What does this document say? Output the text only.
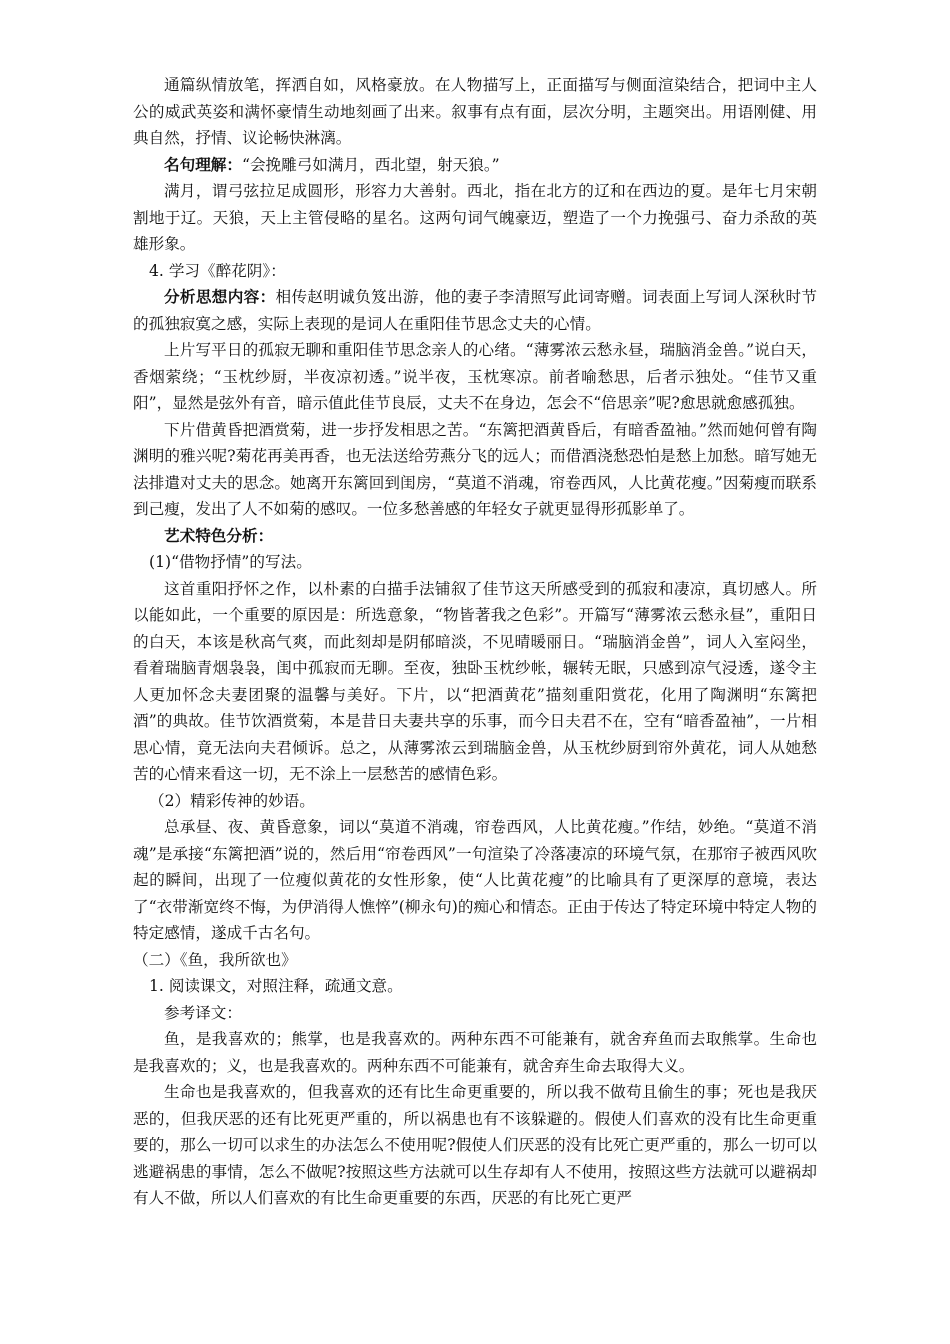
通篇纵情放笔，挥洒自如，风格豪放。在人物描写上，正面描写与侧面渲染结合，把词中主人公的威武英姿和满怀豪情生动地刻画了出来。叙事有点有面，层次分明，主题突出。用语刚健、用典自然，抒情、议论畅快淋漓。

名句理解：“会挽雕弓如满月，西北望，射天狼。”

满月，谓弓弦拉足成圆形，形容力大善射。西北，指在北方的辽和在西边的夏。是年七月宋朝割地于辽。天狼，天上主管侵略的星名。这两句词气魄豪迈，塑造了一个力挽强弓、奋力杀敌的英雄形象。

4. 学习《醉花阴》：

分析思想内容：相传赵明诚负笈出游，他的妻子李清照写此词寄赠。词表面上写词人深秋时节的孤独寂寞之感，实际上表现的是词人在重阳佳节思念丈夫的心情。

上片写平日的孤寂无聊和重阳佳节思念亲人的心绪。“薄雾浓云愁永昼，瑞脑消金兽。”说白天，香烟萦绕；“玉枕纱厨，半夜凉初透。”说半夜，玉枕寒凉。前者喻愁思，后者示独处。“佳节又重阳”，显然是弦外有音，暗示值此佳节良辰，丈夫不在身边，怎会不“倍思亲”呢?愈思就愈感孤独。

下片借黄昏把酒赏菊，进一步抒发相思之苦。“东篱把酒黄昏后，有暗香盈袖。”然而她何曾有陶渊明的雅兴呢?菊花再美再香，也无法送给劳燕分飞的远人；而借酒浇愁恐怕是愁上加愁。暗写她无法排遣对丈夫的思念。她离开东篱回到闺房，“莫道不消魂，帘卷西风，人比黄花瘦。”因菊瘦而联系到己瘦，发出了人不如菊的感叹。一位多愁善感的年轻女子就更显得形孤影单了。

艺术特色分析：

(1)“借物抒情”的写法。

这首重阳抒怀之作，以朴素的白描手法铺叙了佳节这天所感受到的孤寂和凄凉，真切感人。所以能如此，一个重要的原因是：所选意象，“物皆著我之色彩”。开篇写“薄雾浓云愁永昼”，重阳日的白天，本该是秋高气爽，而此刻却是阴郁暗淡，不见晴暖丽日。“瑞脑消金兽”，词人入室闷坐，看着瑞脑青烟袅袅，闺中孤寂而无聊。至夜，独卧玉枕纱帐，辗转无眠，只感到凉气浸透，遂令主人更加怀念夫妻团聚的温馨与美好。下片，以“把酒黄花”描刻重阳赏花，化用了陶渊明“东篱把酒”的典故。佳节饮酒赏菊，本是昔日夫妻共享的乐事，而今日夫君不在，空有“暗香盈袖”，一片相思心情，竟无法向夫君倾诉。总之，从薄雾浓云到瑞脑金兽，从玉枕纱厨到帘外黄花，词人从她愁苦的心情来看这一切，无不涂上一层愁苦的感情色彩。

（2）精彩传神的妙语。

总承昼、夜、黄昏意象，词以“莫道不消魂，帘卷西风，人比黄花瘦。”作结，妙绝。“莫道不消魂”是承接“东篱把酒”说的，然后用“帘卷西风”一句渲染了冷落凄凉的环境气氛，在那帘子被西风吹起的瞬间，出现了一位瘦似黄花的女性形象，使“人比黄花瘦”的比喻具有了更深厚的意境，表达了“衣带渐宽终不悔，为伊消得人憔悴”(柳永句)的痴心和情态。正由于传达了特定环境中特定人物的特定感情，遂成千古名句。

（二）《鱼，我所欲也》

1. 阅读课文，对照注释，疏通文意。

参考译文：

鱼，是我喜欢的；熊掌，也是我喜欢的。两种东西不可能兼有，就舍弃鱼而去取熊掌。生命也是我喜欢的；义，也是我喜欢的。两种东西不可能兼有，就舍弃生命去取得大义。

生命也是我喜欢的，但我喜欢的还有比生命更重要的，所以我不做苟且偷生的事；死也是我厌恶的，但我厌恶的还有比死更严重的，所以祸患也有不该躲避的。假使人们喜欢的没有比生命更重要的，那么一切可以求生的办法怎么不使用呢?假使人们厌恶的没有比死亡更严重的，那么一切可以逃避祸患的事情，怎么不做呢?按照这些方法就可以生存却有人不使用，按照这些方法就可以避祸却有人不做，所以人们喜欢的有比生命更重要的东西，厌恶的有比死亡更严
